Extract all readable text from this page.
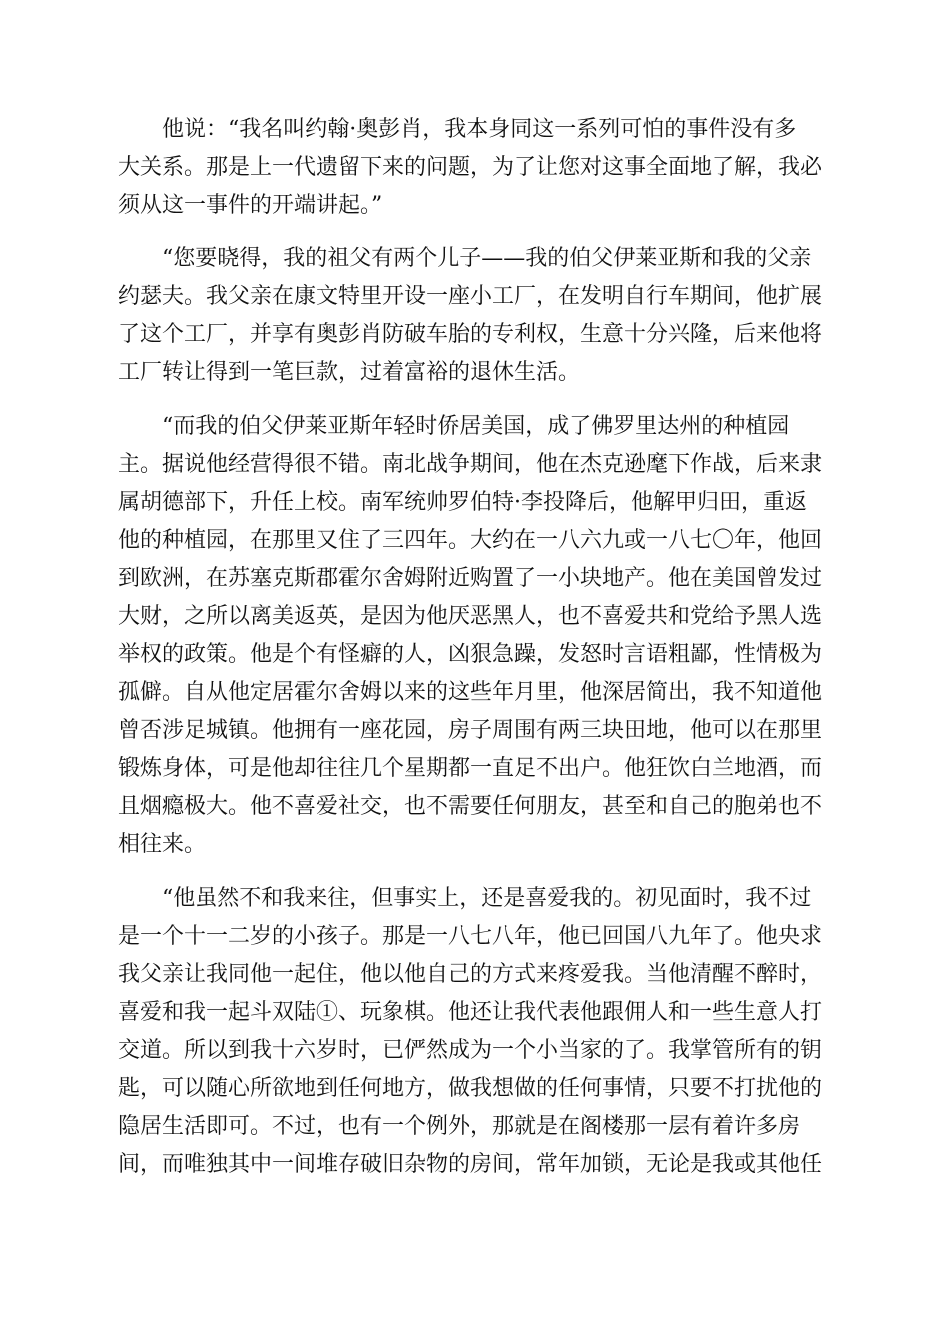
他说：“我名叫约翰·奥彭肖，我本身同这一系列可怕的事件没有多
大关系。那是上一代遗留下来的问题，为了让您对这事全面地了解，我必
须从这一事件的开端讲起。”
“您要晓得，我的祖父有两个儿子——我的伯父伊莱亚斯和我的父亲
约瑟夫。我父亲在康文特里开设一座小工厂，在发明自行车期间，他扩展
了这个工厂，并享有奥彭肖防破车胎的专利权，生意十分兴隆，后来他将
工厂转让得到一笔巨款，过着富裕的退休生活。
“而我的伯父伊莱亚斯年轻时侨居美国，成了佛罗里达州的种植园
主。据说他经营得很不错。南北战争期间，他在杰克逊麾下作战，后来隶
属胡德部下，升任上校。南军统帅罗伯特·李投降后，他解甲归田，重返
他的种植园，在那里又住了三四年。大约在一八六九或一八七〇年，他回
到欧洲，在苏塞克斯郡霍尔舍姆附近购置了一小块地产。他在美国曾发过
大财，之所以离美返英，是因为他厌恶黑人，也不喜爱共和党给予黑人选
举权的政策。他是个有怪癖的人，凶狠急躁，发怒时言语粗鄙，性情极为
孤僻。自从他定居霍尔舍姆以来的这些年月里，他深居简出，我不知道他
曾否涉足城镇。他拥有一座花园，房子周围有两三块田地，他可以在那里
锻炼身体，可是他却往往几个星期都一直足不出户。他狂饮白兰地酒，而
且烟瘾极大。他不喜爱社交，也不需要任何朋友，甚至和自己的胞弟也不
相往来。
“他虽然不和我来往，但事实上，还是喜爱我的。初见面时，我不过
是一个十一二岁的小孩子。那是一八七八年，他已回国八九年了。他央求
我父亲让我同他一起住，他以他自己的方式来疼爱我。当他清醒不醉时，
喜爱和我一起斗双陆①、玩象棋。他还让我代表他跟佣人和一些生意人打
交道。所以到我十六岁时，已俨然成为一个小当家的了。我掌管所有的钥
匙，可以随心所欲地到任何地方，做我想做的任何事情，只要不打扰他的
隐居生活即可。不过，也有一个例外，那就是在阁楼那一层有着许多房
间，而唯独其中一间堆存破旧杂物的房间，常年加锁，无论是我或其他任
